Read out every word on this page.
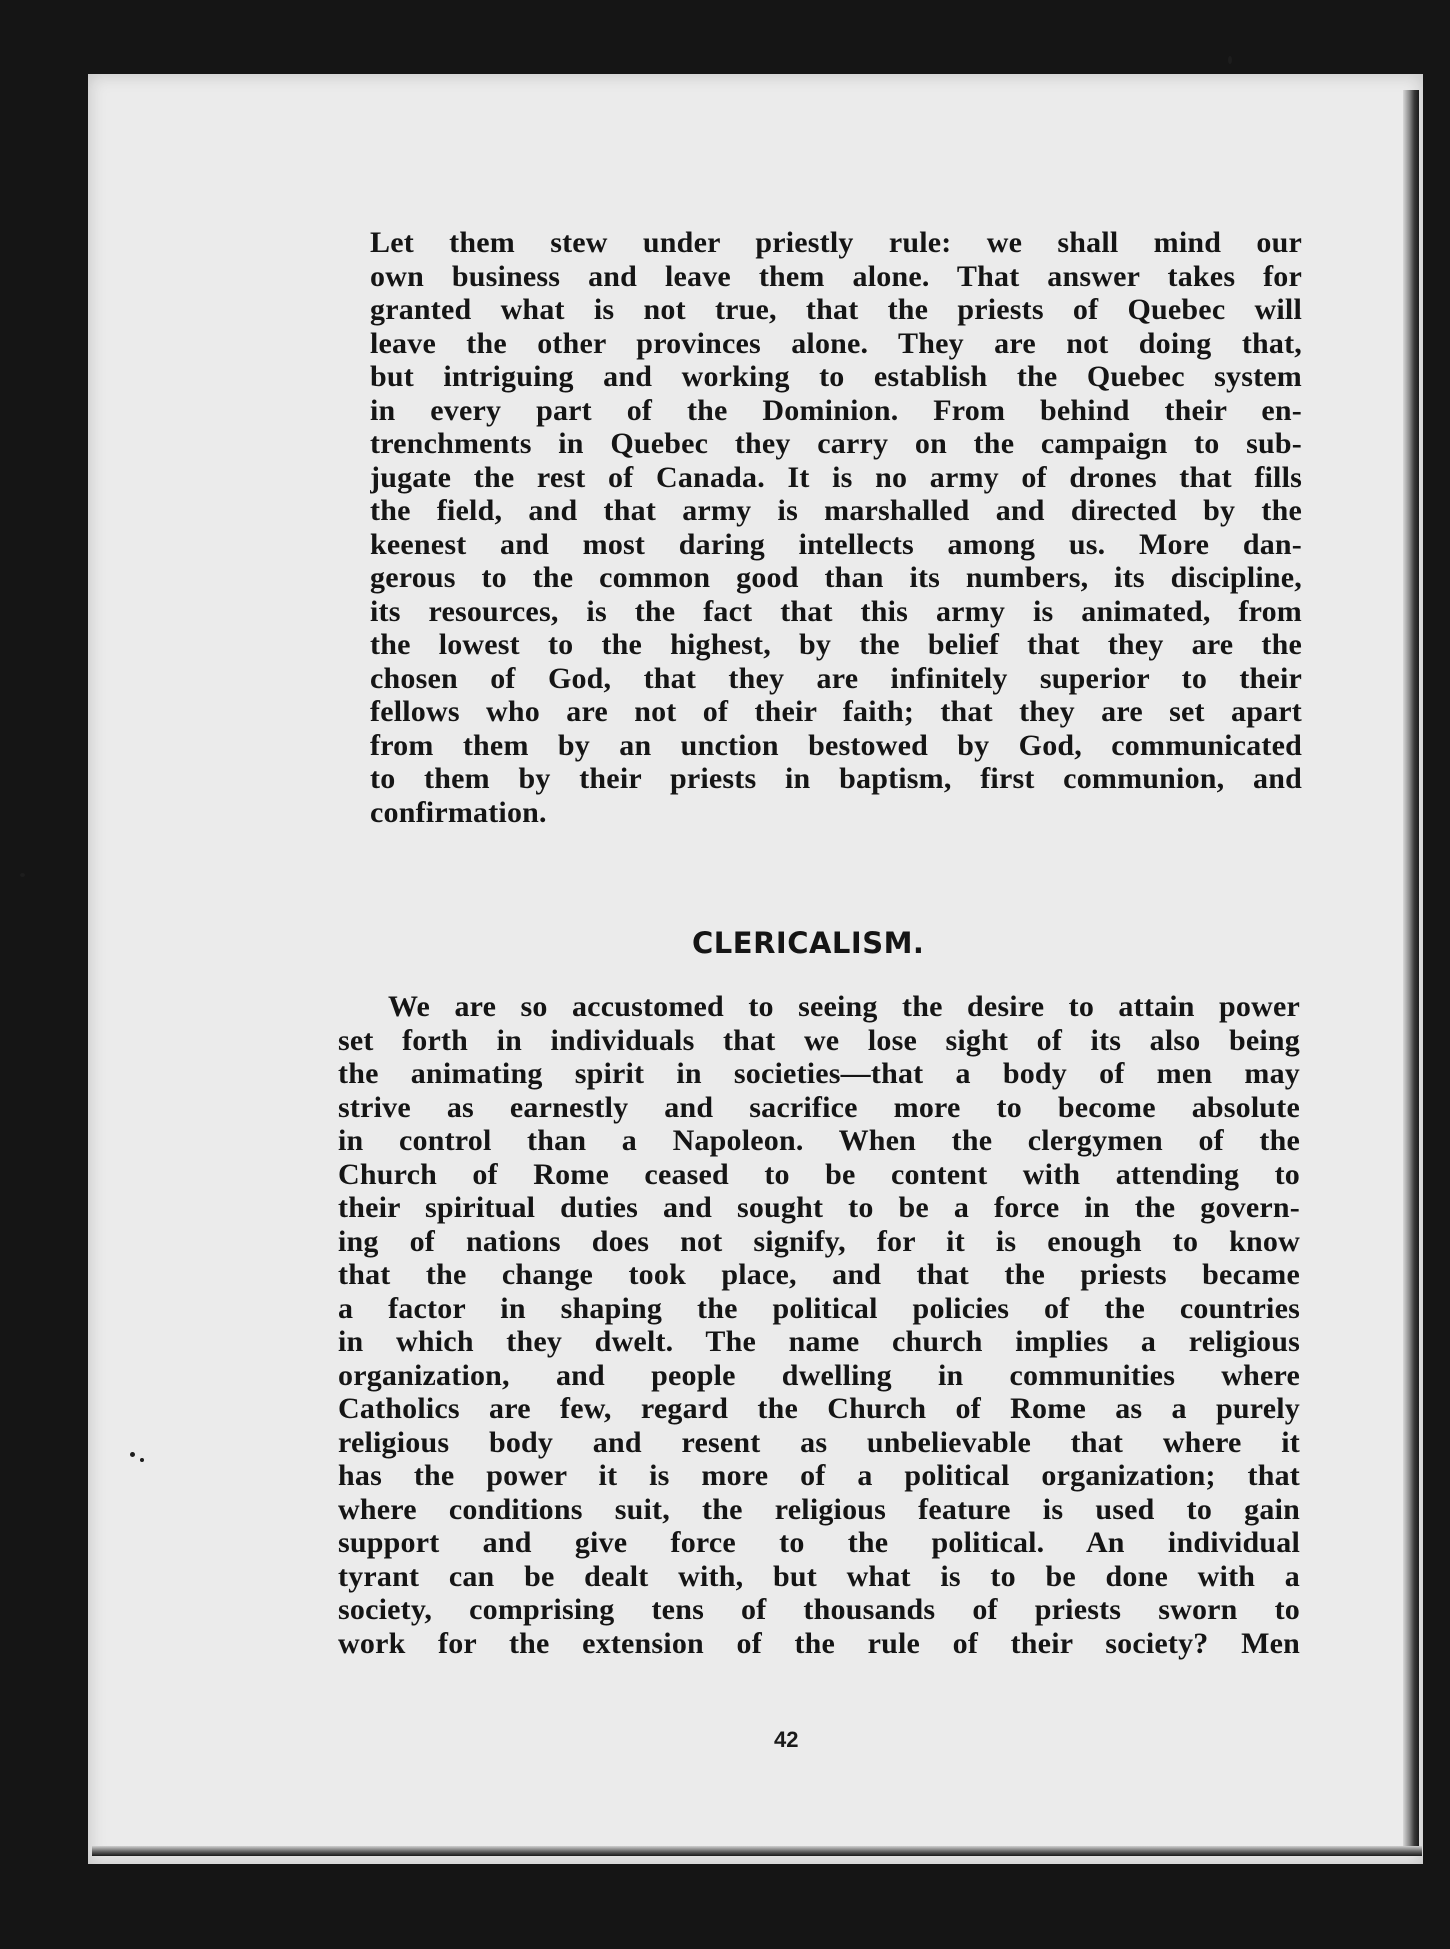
Let them stew under priestly rule: we shall mind our
own business and leave them alone. That answer takes for
granted what is not true, that the priests of Quebec will
leave the other provinces alone. They are not doing that,
but intriguing and working to establish the Quebec system
in every part of the Dominion. From behind their en-
trenchments in Quebec they carry on the campaign to sub-
jugate the rest of Canada. It is no army of drones that fills
the field, and that army is marshalled and directed by the
keenest and most daring intellects among us. More dan-
gerous to the common good than its numbers, its discipline,
its resources, is the fact that this army is animated, from
the lowest to the highest, by the belief that they are the
chosen of God, that they are infinitely superior to their
fellows who are not of their faith; that they are set apart
from them by an unction bestowed by God, communicated
to them by their priests in baptism, first communion, and
confirmation.
CLERICALISM.
We are so accustomed to seeing the desire to attain power
set forth in individuals that we lose sight of its also being
the animating spirit in societies—that a body of men may
strive as earnestly and sacrifice more to become absolute
in control than a Napoleon. When the clergymen of the
Church of Rome ceased to be content with attending to
their spiritual duties and sought to be a force in the govern-
ing of nations does not signify, for it is enough to know
that the change took place, and that the priests became
a factor in shaping the political policies of the countries
in which they dwelt. The name church implies a religious
organization, and people dwelling in communities where
Catholics are few, regard the Church of Rome as a purely
religious body and resent as unbelievable that where it
has the power it is more of a political organization; that
where conditions suit, the religious feature is used to gain
support and give force to the political. An individual
tyrant can be dealt with, but what is to be done with a
society, comprising tens of thousands of priests sworn to
work for the extension of the rule of their society? Men
42
